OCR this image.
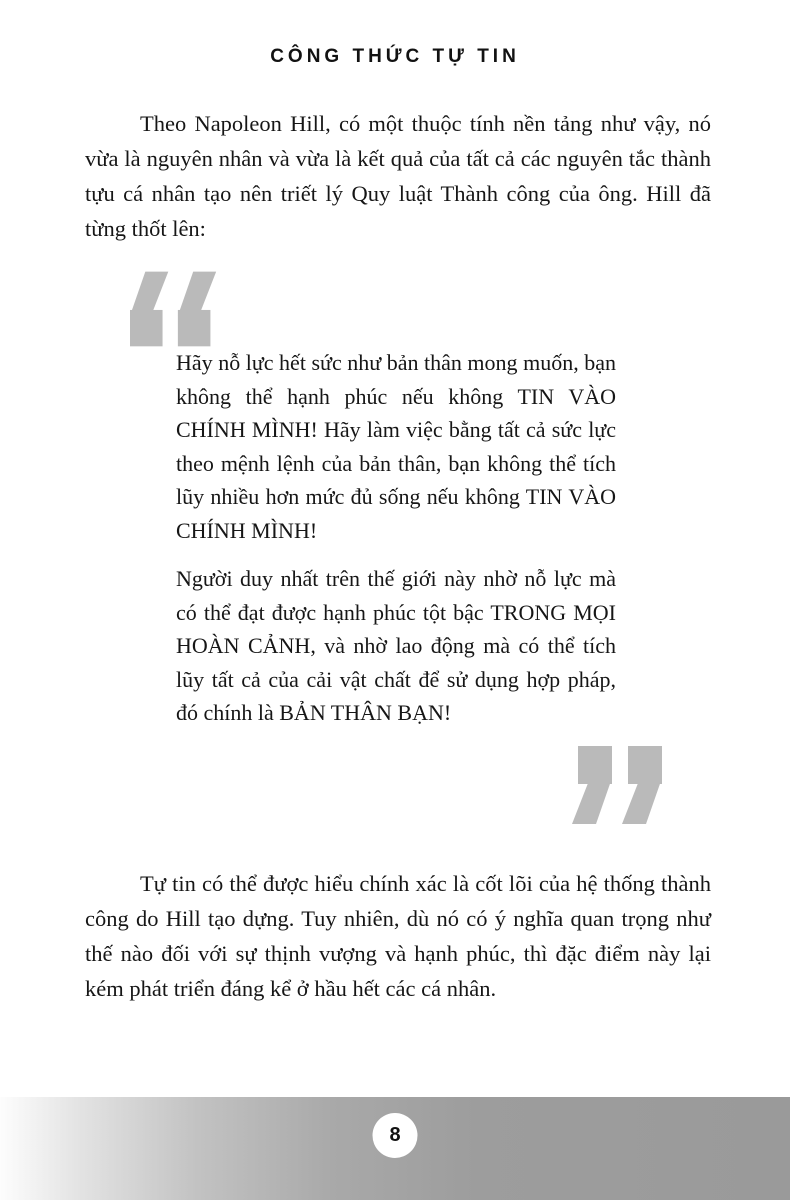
CÔNG THỨC TỰ TIN
Theo Napoleon Hill, có một thuộc tính nền tảng như vậy, nó vừa là nguyên nhân và vừa là kết quả của tất cả các nguyên tắc thành tựu cá nhân tạo nên triết lý Quy luật Thành công của ông. Hill đã từng thốt lên:

Hãy nỗ lực hết sức như bản thân mong muốn, bạn không thể hạnh phúc nếu không TIN VÀO CHÍNH MÌNH! Hãy làm việc bằng tất cả sức lực theo mệnh lệnh của bản thân, bạn không thể tích lũy nhiều hơn mức đủ sống nếu không TIN VÀO CHÍNH MÌNH!

Người duy nhất trên thế giới này nhờ nỗ lực mà có thể đạt được hạnh phúc tột bậc TRONG MỌI HOÀN CẢNH, và nhờ lao động mà có thể tích lũy tất cả của cải vật chất để sử dụng hợp pháp, đó chính là BẢN THÂN BẠN!

Tự tin có thể được hiểu chính xác là cốt lõi của hệ thống thành công do Hill tạo dựng. Tuy nhiên, dù nó có ý nghĩa quan trọng như thế nào đối với sự thịnh vượng và hạnh phúc, thì đặc điểm này lại kém phát triển đáng kể ở hầu hết các cá nhân.
8
